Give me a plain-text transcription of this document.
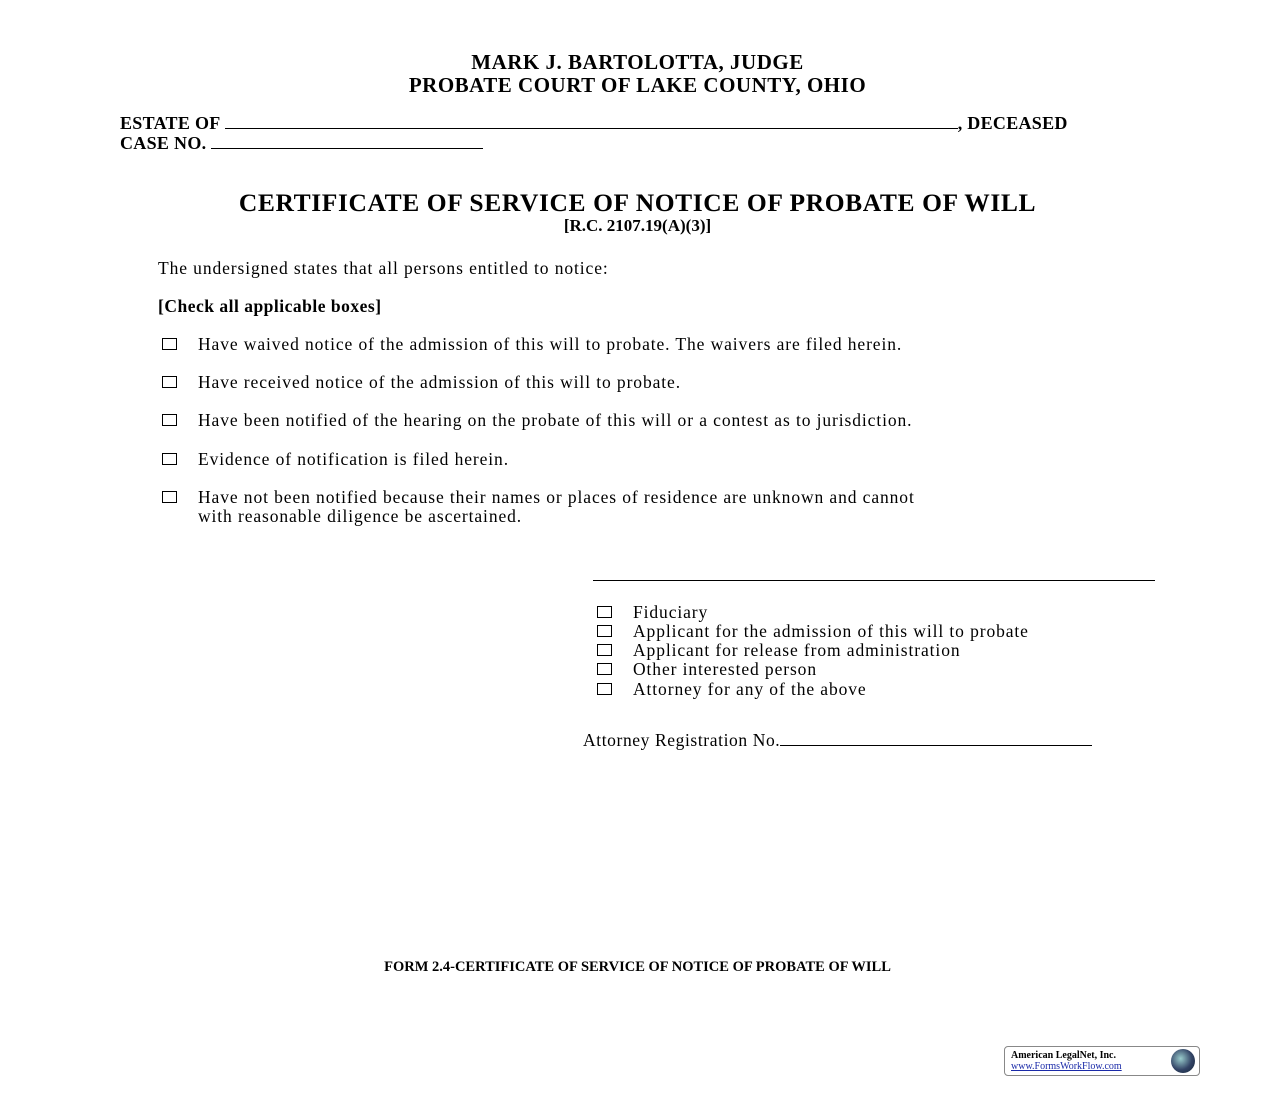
MARK J. BARTOLOTTA, JUDGE
PROBATE COURT OF LAKE COUNTY, OHIO
ESTATE OF	, DECEASED
CASE NO.
CERTIFICATE OF SERVICE OF NOTICE OF PROBATE OF WILL
[R.C. 2107.19(A)(3)]
The undersigned states that all persons entitled to notice:
[Check all applicable boxes]
Have waived notice of the admission of this will to probate. The waivers are filed herein.
Have received notice of the admission of this will to probate.
Have been notified of the hearing on the probate of this will or a contest as to jurisdiction.
Evidence of notification is filed herein.
Have not been notified because their names or places of residence are unknown and cannot
with reasonable diligence be ascertained.
Fiduciary
Applicant for the admission of this will to probate
Applicant for release from administration
Other interested person
Attorney for any of the above
Attorney Registration No.
FORM 2.4-CERTIFICATE OF SERVICE OF NOTICE OF PROBATE OF WILL
American LegalNet, Inc.
www.FormsWorkFlow.com
